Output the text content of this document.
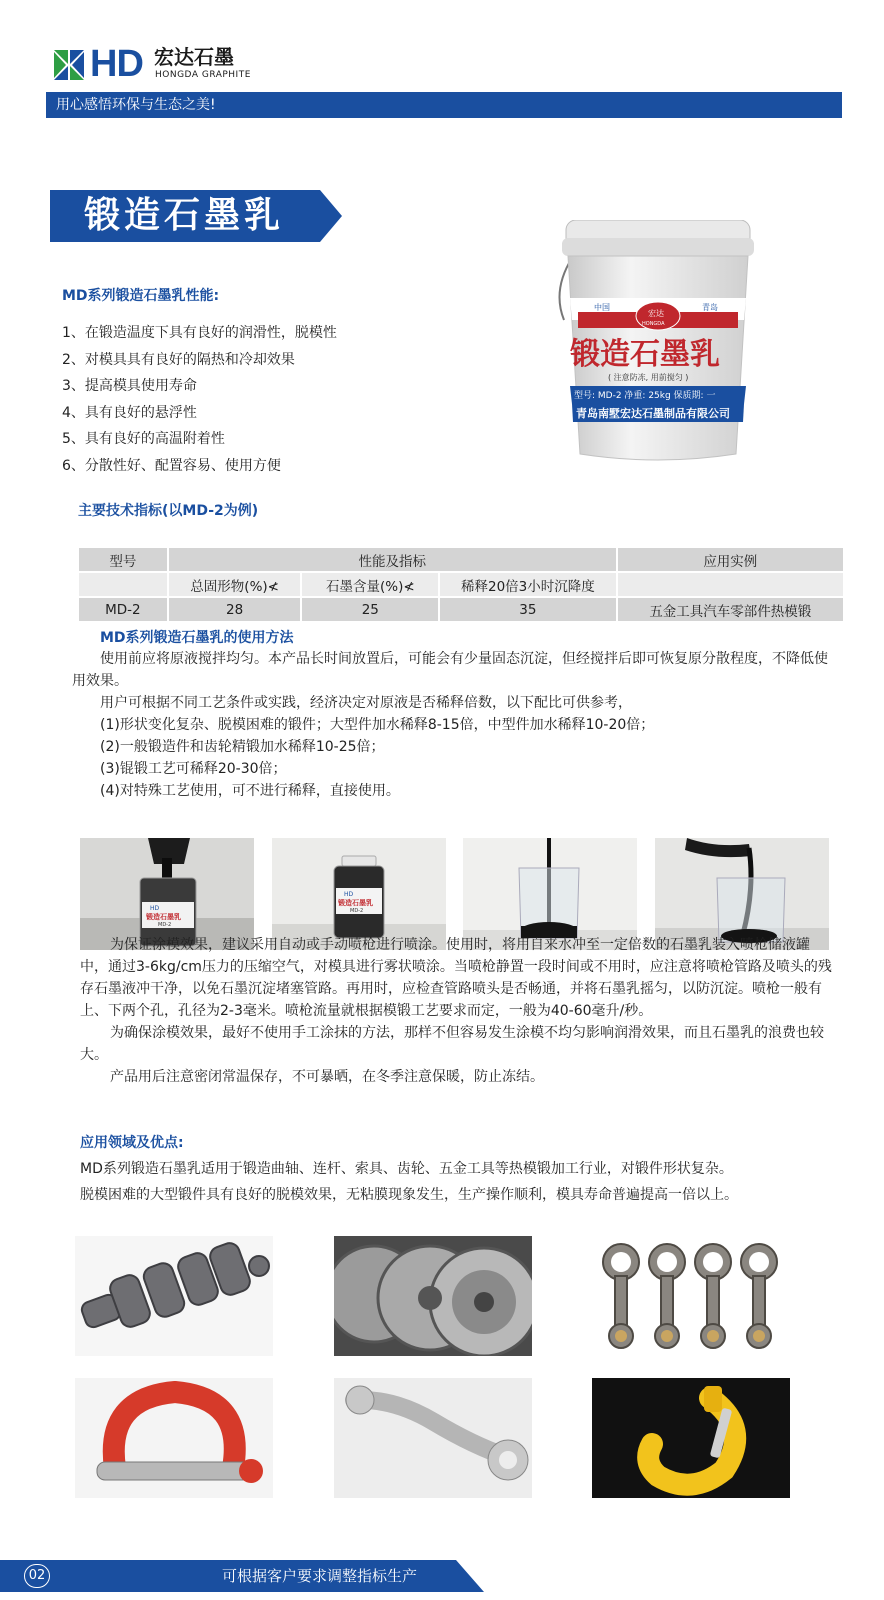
HD 宏达石墨
HONGDA GRAPHITE
用心感悟环保与生态之美!
锻造石墨乳
中国	青岛
宏达
HONGDA
锻造石墨乳
( 注意防冻, 用前搅匀 )
型号: MD-2 净重: 25kg 保质期: 一
青岛南墅宏达石墨制品有限公司
MD系列锻造石墨乳性能:
1、在锻造温度下具有良好的润滑性，脱模性
2、对模具具有良好的隔热和冷却效果
3、提高模具使用寿命
4、具有良好的悬浮性
5、具有良好的高温附着性
6、分散性好、配置容易、使用方便
主要技术指标(以MD-2为例)
型号	性能及指标			应用实例
	总固形物(%)≮	石墨含量(%)≮	稀释20倍3小时沉降度	
MD-2	28	25	35	五金工具汽车零部件热模锻
MD系列锻造石墨乳的使用方法

使用前应将原液搅拌均匀。本产品长时间放置后，可能会有少量固态沉淀，但经搅拌后即可恢复原分散程度，不降低使用效果。

用户可根据不同工艺条件或实践，经济决定对原液是否稀释倍数，以下配比可供参考，

(1)形状变化复杂、脱模困难的锻件；大型件加水稀释8-15倍，中型件加水稀释10-20倍；

(2)一般锻造件和齿轮精锻加水稀释10-25倍；

(3)锟锻工艺可稀释20-30倍；

(4)对特殊工艺使用，可不进行稀释，直接使用。

HD
锻造石墨乳
MD-2
HD
锻造石墨乳
MD-2

为保证涂模效果，建议采用自动或手动喷枪进行喷涂。使用时，将用自来水冲至一定倍数的石墨乳装入喷枪储液罐中，通过3-6kg/cm压力的压缩空气，对模具进行雾状喷涂。当喷枪静置一段时间或不用时，应注意将喷枪管路及喷头的残存石墨液冲干净，以免石墨沉淀堵塞管路。再用时，应检查管路喷头是否畅通，并将石墨乳摇匀，以防沉淀。喷枪一般有上、下两个孔，孔径为2-3毫米。喷枪流量就根据模锻工艺要求而定，一般为40-60毫升/秒。

为确保涂模效果，最好不使用手工涂抹的方法，那样不但容易发生涂模不均匀影响润滑效果，而且石墨乳的浪费也较大。

产品用后注意密闭常温保存，不可暴晒，在冬季注意保暖，防止冻结。

应用领域及优点:

MD系列锻造石墨乳适用于锻造曲轴、连杆、索具、齿轮、五金工具等热模锻加工行业，对锻件形状复杂。

脱模困难的大型锻件具有良好的脱模效果，无粘膜现象发生，生产操作顺利，模具寿命普遍提高一倍以上。

02	可根据客户要求调整指标生产
